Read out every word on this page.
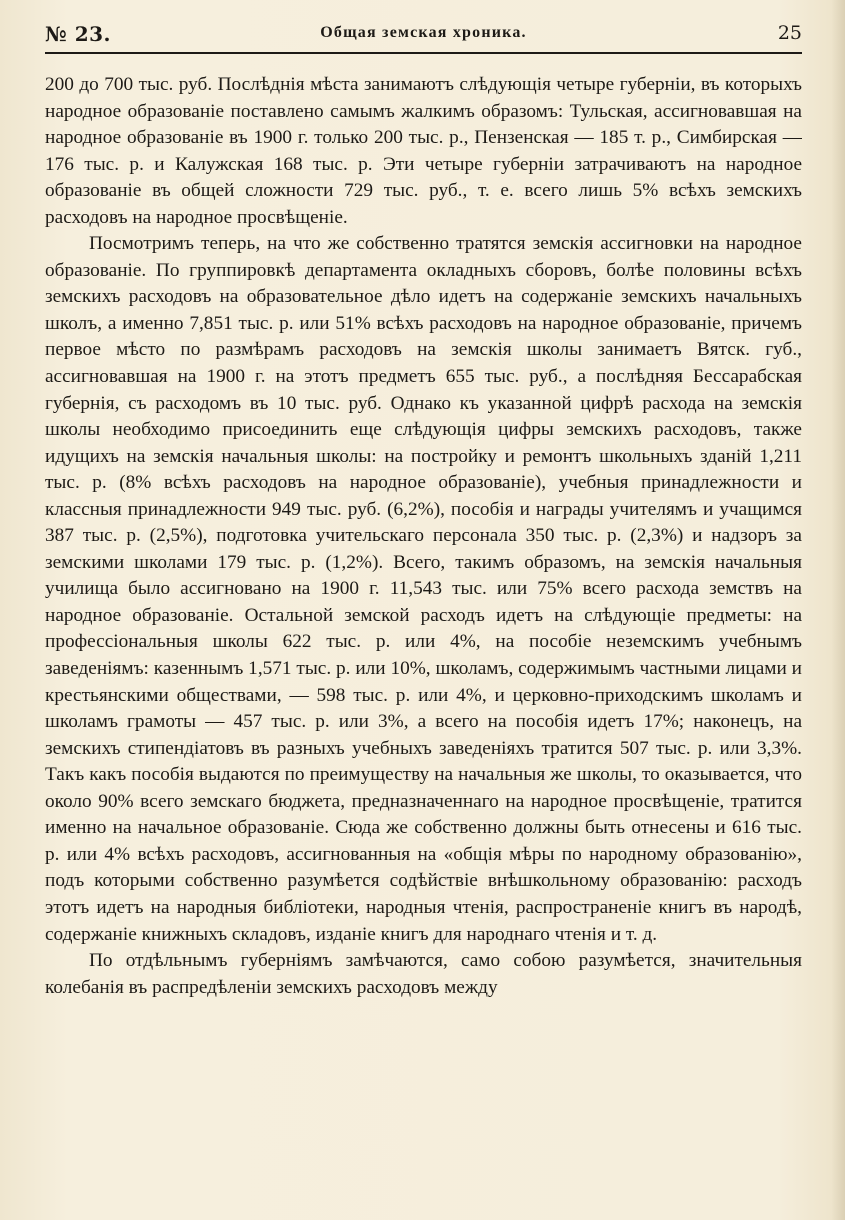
№ 23.	Общая земская хроника.	25

200 до 700 тыс. руб. Послѣднія мѣста занимаютъ слѣдующія четыре губерніи, въ которыхъ народное образованіе поставлено самымъ жалкимъ образомъ: Тульская, ассигновавшая на народное образованіе въ 1900 г. только 200 тыс. р., Пензенская — 185 т. р., Симбирская — 176 тыс. р. и Калужская 168 тыс. р. Эти четыре губерніи затрачиваютъ на народное образованіе въ общей сложности 729 тыс. руб., т. е. всего лишь 5% всѣхъ земскихъ расходовъ на народное просвѣщеніе.

Посмотримъ теперь, на что же собственно тратятся земскія ассигновки на народное образованіе. По группировкѣ департамента окладныхъ сборовъ, болѣе половины всѣхъ земскихъ расходовъ на образовательное дѣло идетъ на содержаніе земскихъ начальныхъ школъ, а именно 7,851 тыс. р. или 51% всѣхъ расходовъ на народное образованіе, причемъ первое мѣсто по размѣрамъ расходовъ на земскія школы занимаетъ Вятск. губ., ассигновавшая на 1900 г. на этотъ предметъ 655 тыс. руб., а послѣдняя Бессарабская губернія, съ расходомъ въ 10 тыс. руб. Однако къ указанной цифрѣ расхода на земскія школы необходимо присоединить еще слѣдующія цифры земскихъ расходовъ, также идущихъ на земскія начальныя школы: на постройку и ремонтъ школьныхъ зданій 1,211 тыс. р. (8% всѣхъ расходовъ на народное образованіе), учебныя принадлежности и классныя принадлежности 949 тыс. руб. (6,2%), пособія и награды учителямъ и учащимся 387 тыс. р. (2,5%), подготовка учительскаго персонала 350 тыс. р. (2,3%) и надзоръ за земскими школами 179 тыс. р. (1,2%). Всего, такимъ образомъ, на земскія начальныя училища было ассигновано на 1900 г. 11,543 тыс. или 75% всего расхода земствъ на народное образованіе. Остальной земской расходъ идетъ на слѣдующіе предметы: на профессіональныя школы 622 тыс. р. или 4%, на пособіе неземскимъ учебнымъ заведеніямъ: казеннымъ 1,571 тыс. р. или 10%, школамъ, содержимымъ частными лицами и крестьянскими обществами, — 598 тыс. р. или 4%, и церковно-приходскимъ школамъ и школамъ грамоты — 457 тыс. р. или 3%, а всего на пособія идетъ 17%; наконецъ, на земскихъ стипендіатовъ въ разныхъ учебныхъ заведеніяхъ тратится 507 тыс. р. или 3,3%. Такъ какъ пособія выдаются по преимуществу на начальныя же школы, то оказывается, что около 90% всего земскаго бюджета, предназначеннаго на народное просвѣщеніе, тратится именно на начальное образованіе. Сюда же собственно должны быть отнесены и 616 тыс. р. или 4% всѣхъ расходовъ, ассигнованныя на «общія мѣры по народному образованію», подъ которыми собственно разумѣется содѣйствіе внѣшкольному образованію: расходъ этотъ идетъ на народныя библіотеки, народныя чтенія, распространеніе книгъ въ народѣ, содержаніе книжныхъ складовъ, изданіе книгъ для народнаго чтенія и т. д.

По отдѣльнымъ губерніямъ замѣчаются, само собою разумѣется, значительныя колебанія въ распредѣленіи земскихъ расходовъ между
